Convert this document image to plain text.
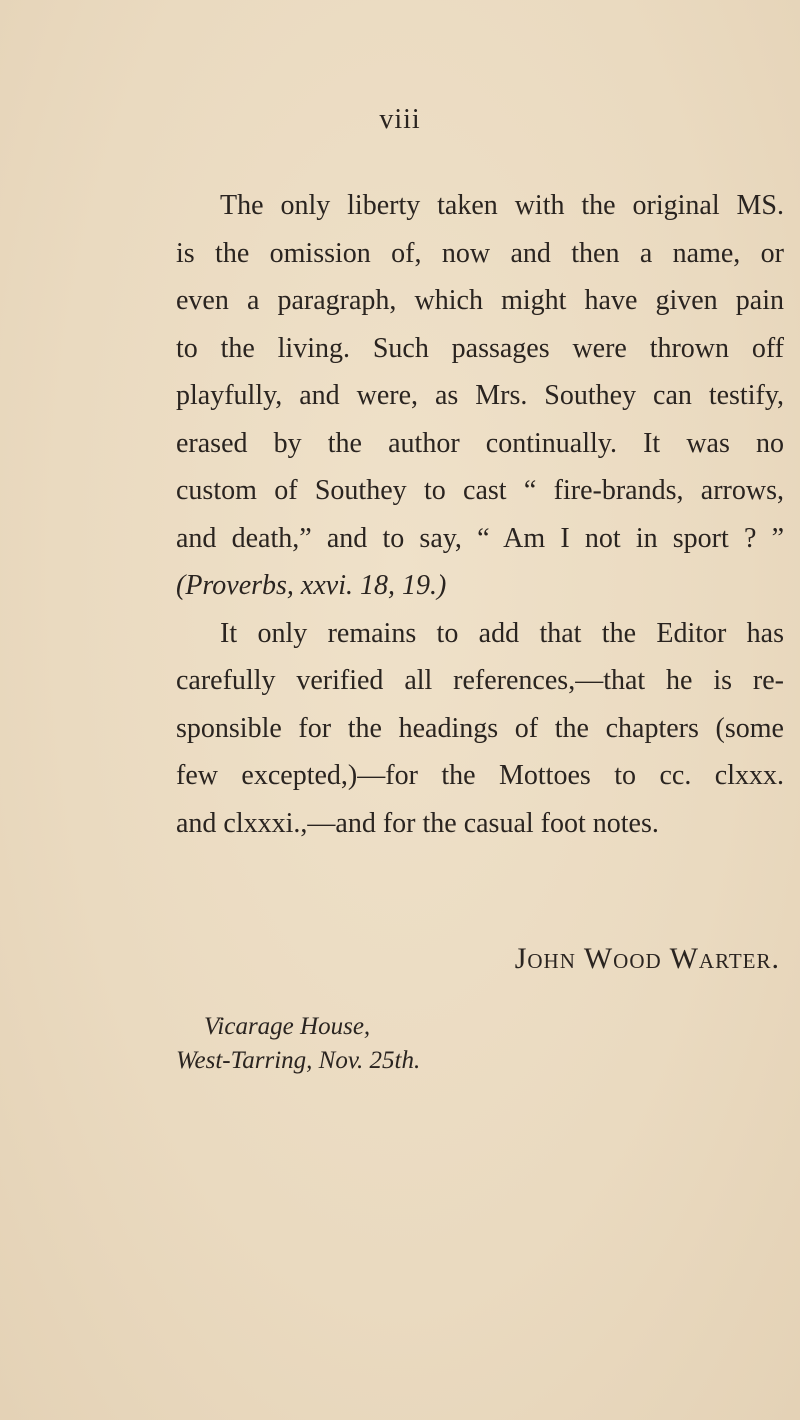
viii
The only liberty taken with the original MS.
is the omission of, now and then a name, or
even a paragraph, which might have given pain
to the living. Such passages were thrown off
playfully, and were, as Mrs. Southey can testify,
erased by the author continually. It was no
custom of Southey to cast “ fire-brands, arrows,
and death,” and to say, “ Am I not in sport ? ”
(Proverbs, xxvi. 18, 19.)
It only remains to add that the Editor has
carefully verified all references,—that he is re-
sponsible for the headings of the chapters (some
few excepted,)—for the Mottoes to cc. clxxx.
and clxxxi.,—and for the casual foot notes.
John Wood Warter.
Vicarage House,
West-Tarring, Nov. 25th.
